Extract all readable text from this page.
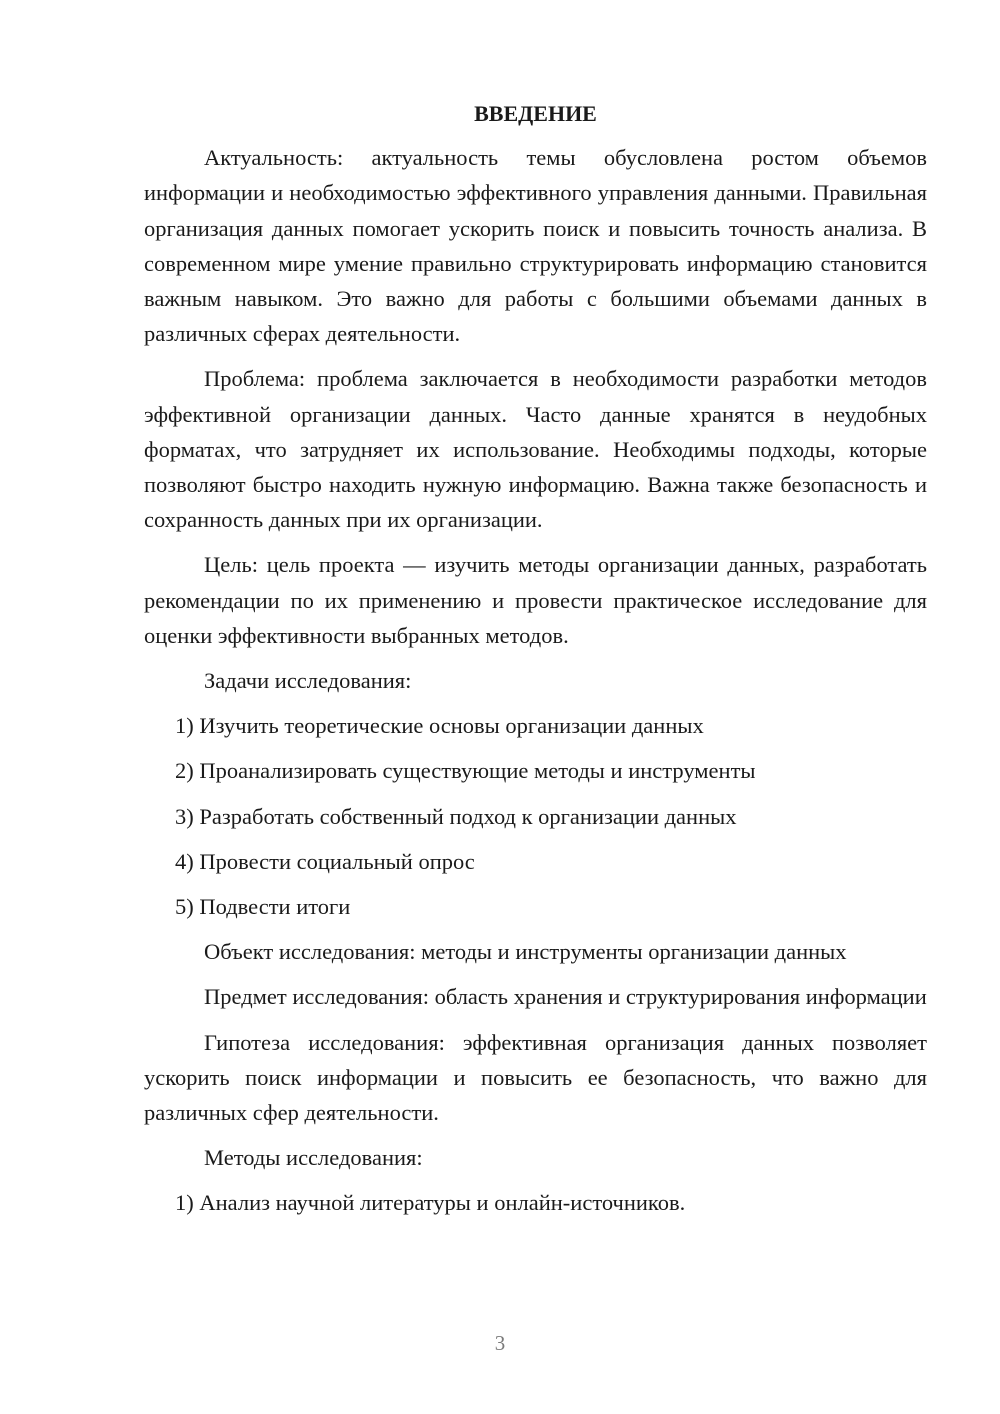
ВВЕДЕНИЕ

Актуальность: актуальность темы обусловлена ростом объемов информации и необходимостью эффективного управления данными. Правильная организация данных помогает ускорить поиск и повысить точность анализа. В современном мире умение правильно структурировать информацию становится важным навыком. Это важно для работы с большими объемами данных в различных сферах деятельности.

Проблема: проблема заключается в необходимости разработки методов эффективной организации данных. Часто данные хранятся в неудобных форматах, что затрудняет их использование. Необходимы подходы, которые позволяют быстро находить нужную информацию. Важна также безопасность и сохранность данных при их организации.

Цель: цель проекта — изучить методы организации данных, разработать рекомендации по их применению и провести практическое исследование для оценки эффективности выбранных методов.

Задачи исследования:

1) Изучить теоретические основы организации данных

2) Проанализировать существующие методы и инструменты

3) Разработать собственный подход к организации данных

4) Провести социальный опрос

5) Подвести итоги

Объект исследования: методы и инструменты организации данных

Предмет исследования: область хранения и структурирования информации

Гипотеза исследования: эффективная организация данных позволяет ускорить поиск информации и повысить ее безопасность, что важно для различных сфер деятельности.

Методы исследования:

1) Анализ научной литературы и онлайн-источников.

3
